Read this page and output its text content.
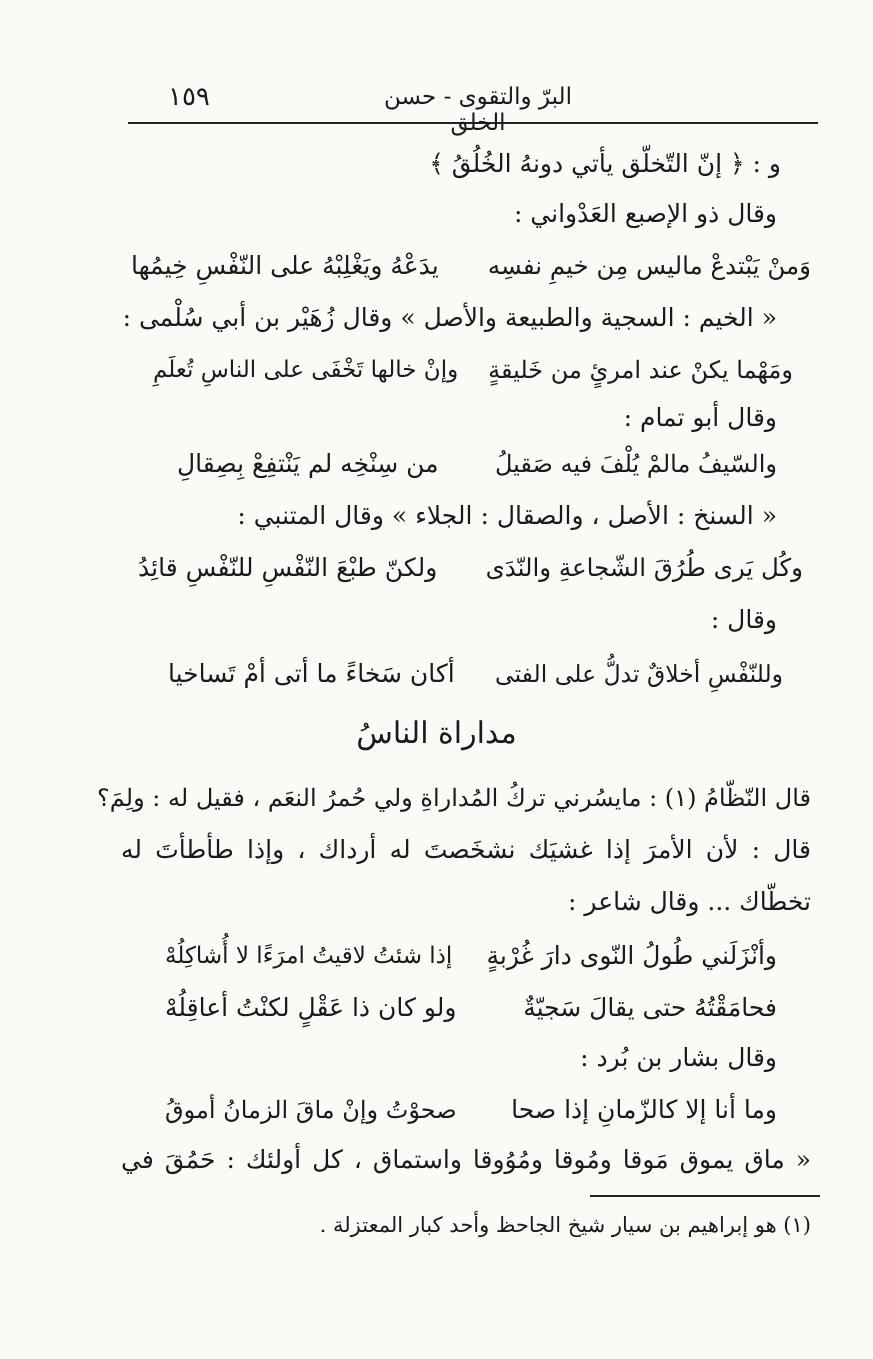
١٥٩	البرّ والتقوى - حسن الخلق
و : ﴿ إنّ التّخلّق يأتي دونهُ الخُلُقُ ﴾
وقال ذو الإصبع العَدْواني :
وَمنْ يَبْتدعْ ماليس مِن خيمِ نفسِه
يدَعْهُ ويَغْلِبْهُ على النّفْسِ خِيمُها
« الخيم : السجية والطبيعة والأصل » وقال زُهَيْر بن أبي سُلْمى :
ومَهْما يكنْ عند امرئٍ من خَليقةٍ
وإنْ خالها تَخْفَى على الناسِ تُعلَمِ
وقال أبو تمام :
والسّيفُ مالمْ يُلْفَ فيه صَقيلُ
من سِنْخِه لم يَنْتفِعْ بِصِقالِ
« السنخ : الأصل ، والصقال : الجلاء » وقال المتنبي :
وكُل يَرى طُرُقَ الشّجاعةِ والنّدَى
ولكنّ طبْعَ النّفْسِ للنّفْسِ قائِدُ
وقال :
وللنّفْسِ أخلاقٌ تدلُّ على الفتى
أكان سَخاءً ما أتى أمْ تَساخيا
مداراة الناسُ
قال النّظّامُ (١) : مايسُرني تركُ المُداراةِ ولي حُمرُ النعَم ، فقيل له : ولِمَ؟
قال : لأن الأمرَ إذا غشيَك نشخَصتَ له أرداك ، وإذا طأطأتَ له
تخطّاك ... وقال شاعر :
وأنْزَلَني طُولُ النّوى دارَ غُرْبةٍ
إذا شئتُ لاقيتُ امرَءًا لا أُشاكِلُهْ
فحامَقْتُهُ حتى يقالَ سَجيّةٌ
ولو كان ذا عَقْلٍ لكنْتُ أعاقِلُهْ
وقال بشار بن بُرد :
وما أنا إلا كالزّمانِ إذا صحا
صحوْتُ وإنْ ماقَ الزمانُ أموقُ
« ماق يموق مَوقا ومُوقا ومُوُوقا واستماق ، كل أولئك : حَمُقَ في
(١) هو إبراهيم بن سيار شيخ الجاحظ وأحد كبار المعتزلة .
